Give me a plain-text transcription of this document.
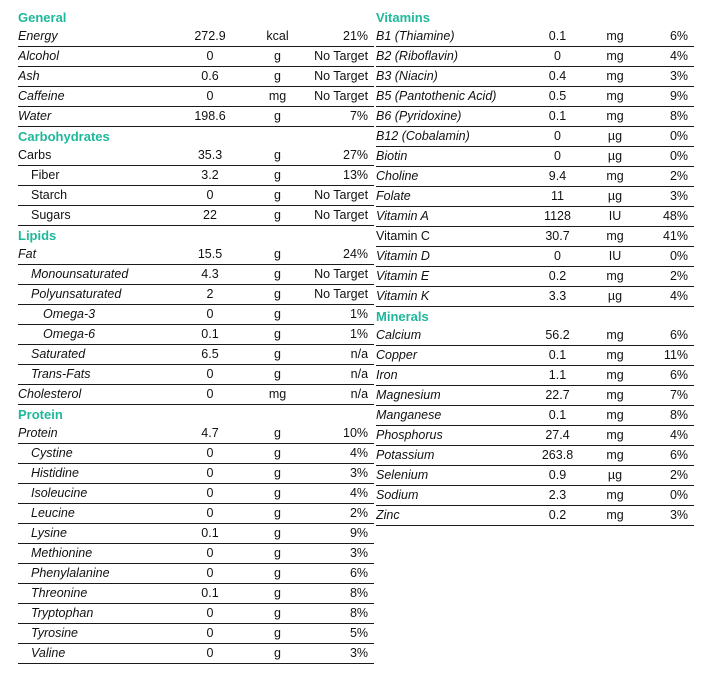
General			
Energy	272.9	kcal	21%
Alcohol	0	g	No Target
Ash	0.6	g	No Target
Caffeine	0	mg	No Target
Water	198.6	g	7%
Carbohydrates			
Carbs	35.3	g	27%
Fiber	3.2	g	13%
Starch	0	g	No Target
Sugars	22	g	No Target
Lipids			
Fat	15.5	g	24%
Monounsaturated	4.3	g	No Target
Polyunsaturated	2	g	No Target
Omega-3	0	g	1%
Omega-6	0.1	g	1%
Saturated	6.5	g	n/a
Trans-Fats	0	g	n/a
Cholesterol	0	mg	n/a
Protein			
Protein	4.7	g	10%
Cystine	0	g	4%
Histidine	0	g	3%
Isoleucine	0	g	4%
Leucine	0	g	2%
Lysine	0.1	g	9%
Methionine	0	g	3%
Phenylalanine	0	g	6%
Threonine	0.1	g	8%
Tryptophan	0	g	8%
Tyrosine	0	g	5%
Valine	0	g	3%
Vitamins			
B1 (Thiamine)	0.1	mg	6%
B2 (Riboflavin)	0	mg	4%
B3 (Niacin)	0.4	mg	3%
B5 (Pantothenic Acid)	0.5	mg	9%
B6 (Pyridoxine)	0.1	mg	8%
B12 (Cobalamin)	0	µg	0%
Biotin	0	µg	0%
Choline	9.4	mg	2%
Folate	11	µg	3%
Vitamin A	1128	IU	48%
Vitamin C	30.7	mg	41%
Vitamin D	0	IU	0%
Vitamin E	0.2	mg	2%
Vitamin K	3.3	µg	4%
Minerals			
Calcium	56.2	mg	6%
Copper	0.1	mg	11%
Iron	1.1	mg	6%
Magnesium	22.7	mg	7%
Manganese	0.1	mg	8%
Phosphorus	27.4	mg	4%
Potassium	263.8	mg	6%
Selenium	0.9	µg	2%
Sodium	2.3	mg	0%
Zinc	0.2	mg	3%
